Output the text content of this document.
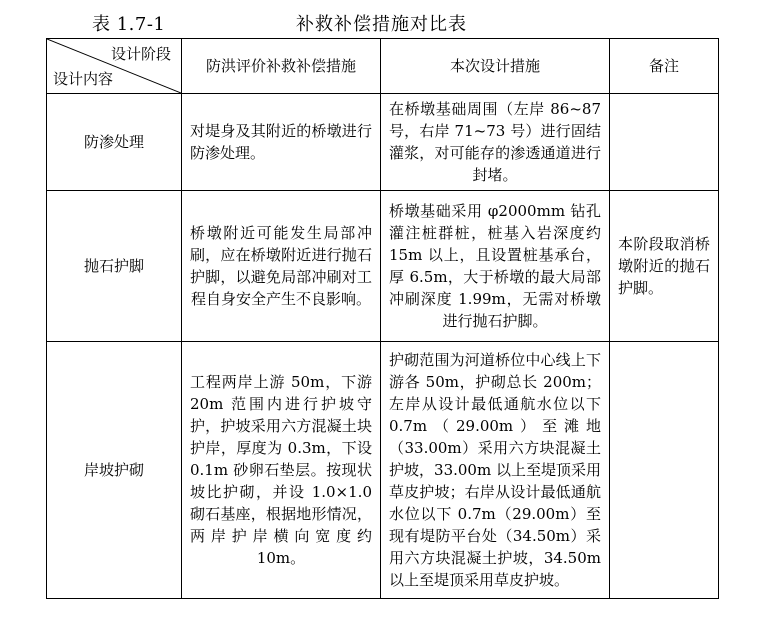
表 1.7-1	补救补偿措施对比表
设计阶段
设计内容	防洪评价补救补偿措施	本次设计措施	备注
防渗处理	对堤身及其附近的桥墩进行防渗处理。	在桥墩基础周围（左岸 86~87 号，右岸 71~73 号）进行固结灌浆，对可能存的渗透通道进行封堵。	
抛石护脚	桥墩附近可能发生局部冲刷，应在桥墩附近进行抛石护脚，以避免局部冲刷对工程自身安全产生不良影响。	桥墩基础采用 φ2000mm 钻孔灌注桩群桩，桩基入岩深度约 15m 以上，且设置桩基承台，厚 6.5m，大于桥墩的最大局部冲刷深度 1.99m，无需对桥墩进行抛石护脚。	本阶段取消桥墩附近的抛石护脚。
岸坡护砌	工程两岸上游 50m，下游 20m 范围内进行护坡守护，护坡采用六方混凝土块护岸，厚度为 0.3m，下设 0.1m 砂卵石垫层。按现状坡比护砌，并设 1.0×1.0 砌石基座，根据地形情况，两岸护岸横向宽度约 10m。	护砌范围为河道桥位中心线上下游各 50m，护砌总长 200m；左岸从设计最低通航水位以下 0.7m（29.00m）至滩地（33.00m）采用六方块混凝土护坡，33.00m 以上至堤顶采用草皮护坡；右岸从设计最低通航水位以下 0.7m（29.00m）至现有堤防平台处（34.50m）采用六方块混凝土护坡，34.50m 以上至堤顶采用草皮护坡。	
